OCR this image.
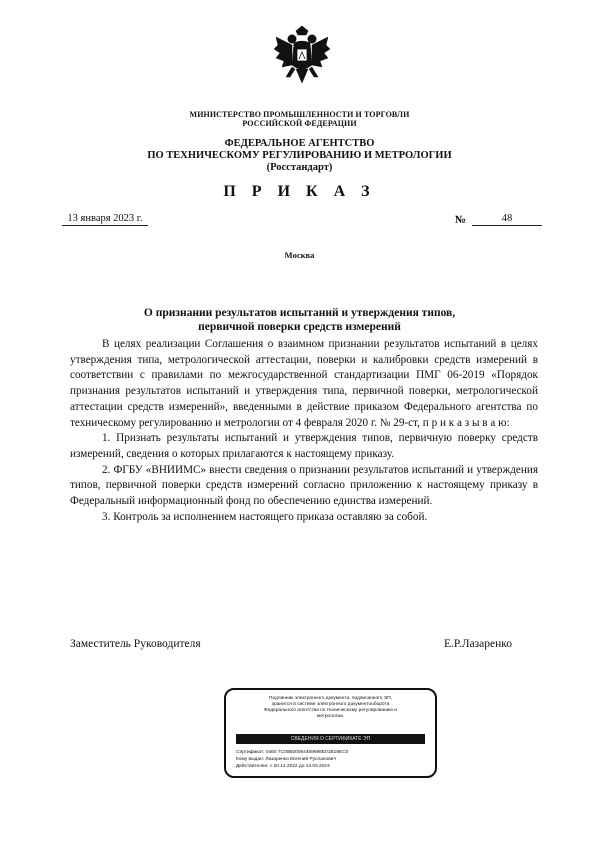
МИНИСТЕРСТВО ПРОМЫШЛЕННОСТИ И ТОРГОВЛИ
РОССИЙСКОЙ ФЕДЕРАЦИИ
ФЕДЕРАЛЬНОЕ АГЕНТСТВО
ПО ТЕХНИЧЕСКОМУ РЕГУЛИРОВАНИЮ И МЕТРОЛОГИИ
(Росстандарт)
П Р И К А З
13 января 2023 г.	№	48
Москва
О признании результатов испытаний и утверждения типов,
первичной поверки средств измерений

В целях реализации Соглашения о взаимном признании результатов испытаний в целях утверждения типа, метрологической аттестации, поверки и калибровки средств измерений в соответствии с правилами по межгосударственной стандартизации ПМГ 06-2019 «Порядок признания результатов испытаний и утверждения типа, первичной поверки, метрологической аттестации средств измерений», введенными в действие приказом Федерального агентства по техническому регулированию и метрологии от 4 февраля 2020 г. № 29-ст, п р и к а з ы в а ю:

1. Признать результаты испытаний и утверждения типов, первичную поверку средств измерений, сведения о которых прилагаются к настоящему приказу.

2. ФГБУ «ВНИИМС» внести сведения о признании результатов испытаний и утверждения типов, первичной поверки средств измерений согласно приложению к настоящему приказу в Федеральный информационный фонд по обеспечению единства измерений.

3. Контроль за исполнением настоящего приказа оставляю за собой.

Заместитель Руководителя	Е.Р.Лазаренко
Подлинник электронного документа, подписанного ЭП,
хранится в системе электронного документооборота
Федерального агентства по техническому регулированию и
метрологии.
СВЕДЕНИЯ О СЕРТИФИКАТЕ ЭП
Сертификат: 0460 7C00B00054469698E01B19EC0
Кому выдан: Лазаренко Евгений Русланович
Действителен: с 20.12.2022 до 14.03.2024
